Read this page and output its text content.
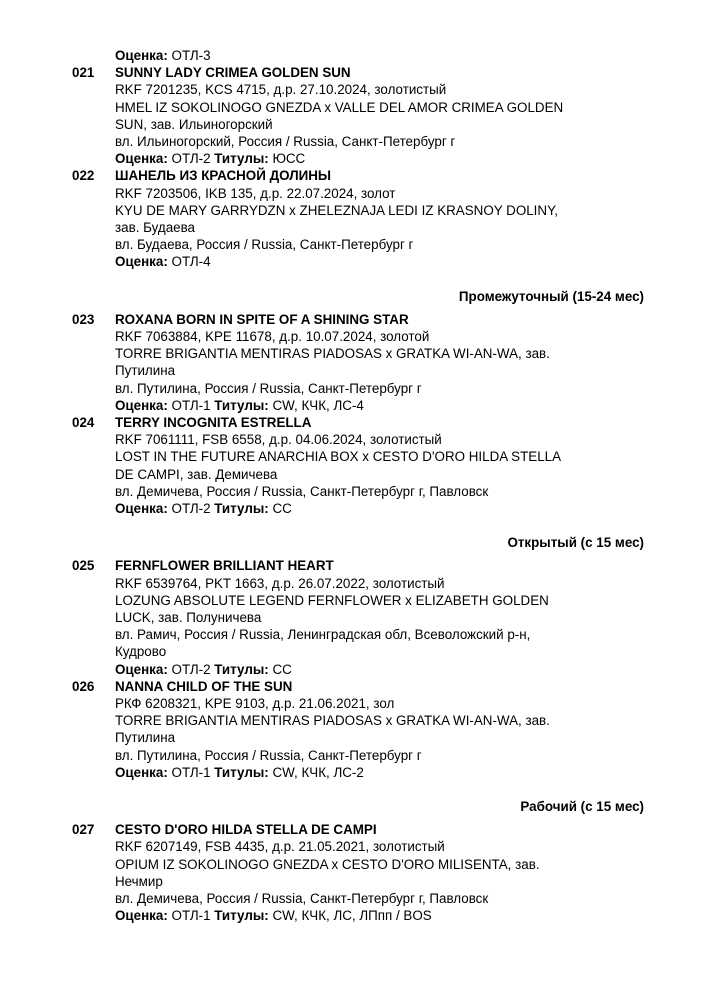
Оценка: ОТЛ-3
021 SUNNY LADY CRIMEA GOLDEN SUN
RKF 7201235, KCS 4715, д.р. 27.10.2024, золотистый
HMEL IZ SOKOLINOGO GNEZDA x VALLE DEL AMOR CRIMEA GOLDEN
SUN, зав. Ильиногорский
вл. Ильиногорский, Россия / Russia, Санкт-Петербург г
Оценка: ОТЛ-2 Титулы: ЮСС
022 ШАНЕЛЬ ИЗ КРАСНОЙ ДОЛИНЫ
RKF 7203506, IKB 135, д.р. 22.07.2024, золот
KYU DE MARY GARRYDZN x ZHELEZNAJA LEDI IZ KRASNOY DOLINY,
зав. Будаева
вл. Будаева, Россия / Russia, Санкт-Петербург г
Оценка: ОТЛ-4
Промежуточный (15-24 мес)
023 ROXANA BORN IN SPITE OF A SHINING STAR
RKF 7063884, KPE 11678, д.р. 10.07.2024, золотой
TORRE BRIGANTIA MENTIRAS PIADOSAS x GRATKA WI-AN-WA, зав.
Путилина
вл. Путилина, Россия / Russia, Санкт-Петербург г
Оценка: ОТЛ-1 Титулы: CW, КЧК, ЛС-4
024 TERRY INCOGNITA ESTRELLA
RKF 7061111, FSB 6558, д.р. 04.06.2024, золотистый
LOST IN THE FUTURE ANARCHIA BOX x CESTO D'ORO HILDA STELLA
DE CAMPI, зав. Демичева
вл. Демичева, Россия / Russia, Санкт-Петербург г, Павловск
Оценка: ОТЛ-2 Титулы: СС
Открытый (с 15 мес)
025 FERNFLOWER BRILLIANT HEART
RKF 6539764, PKT 1663, д.р. 26.07.2022, золотистый
LOZUNG ABSOLUTE LEGEND FERNFLOWER x ELIZABETH GOLDEN
LUCK, зав. Полуничева
вл. Рамич, Россия / Russia, Ленинградская обл, Всеволожский р-н,
Кудрово
Оценка: ОТЛ-2 Титулы: СС
026 NANNA CHILD OF THE SUN
РКФ 6208321, KPE 9103, д.р. 21.06.2021, зол
TORRE BRIGANTIA MENTIRAS PIADOSAS x GRATKA WI-AN-WA, зав.
Путилина
вл. Путилина, Россия / Russia, Санкт-Петербург г
Оценка: ОТЛ-1 Титулы: CW, КЧК, ЛС-2
Рабочий (с 15 мес)
027 CESTO D'ORO HILDA STELLA DE CAMPI
RKF 6207149, FSB 4435, д.р. 21.05.2021, золотистый
OPIUM IZ SOKOLINOGO GNEZDA x CESTO D'ORO MILISENTA, зав.
Нечмир
вл. Демичева, Россия / Russia, Санкт-Петербург г, Павловск
Оценка: ОТЛ-1 Титулы: CW, КЧК, ЛС, ЛПпп / BOS
